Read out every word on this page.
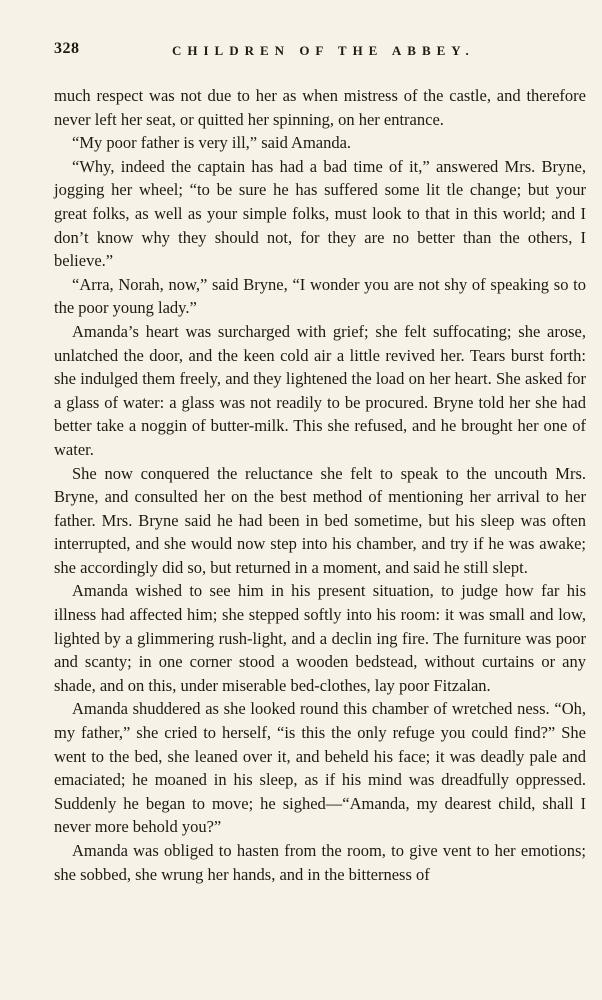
328	CHILDREN OF THE ABBEY.

much respect was not due to her as when mistress of the castle, and therefore never left her seat, or quitted her spinning, on her entrance.

“My poor father is very ill,” said Amanda.

“Why, indeed the captain has had a bad time of it,” answered Mrs. Bryne, jogging her wheel; “to be sure he has suffered some lit tle change; but your great folks, as well as your simple folks, must look to that in this world; and I don’t know why they should not, for they are no better than the others, I believe.”

“Arra, Norah, now,” said Bryne, “I wonder you are not shy of speaking so to the poor young lady.”

Amanda’s heart was surcharged with grief; she felt suffocating; she arose, unlatched the door, and the keen cold air a little revived her. Tears burst forth: she indulged them freely, and they lightened the load on her heart. She asked for a glass of water: a glass was not readily to be procured. Bryne told her she had better take a noggin of butter-milk. This she refused, and he brought her one of water.

She now conquered the reluctance she felt to speak to the uncouth Mrs. Bryne, and consulted her on the best method of mentioning her arrival to her father. Mrs. Bryne said he had been in bed sometime, but his sleep was often interrupted, and she would now step into his chamber, and try if he was awake; she accordingly did so, but returned in a moment, and said he still slept.

Amanda wished to see him in his present situation, to judge how far his illness had affected him; she stepped softly into his room: it was small and low, lighted by a glimmering rush-light, and a declin ing fire. The furniture was poor and scanty; in one corner stood a wooden bedstead, without curtains or any shade, and on this, under miserable bed-clothes, lay poor Fitzalan.

Amanda shuddered as she looked round this chamber of wretched ness. “Oh, my father,” she cried to herself, “is this the only refuge you could find?” She went to the bed, she leaned over it, and beheld his face; it was deadly pale and emaciated; he moaned in his sleep, as if his mind was dreadfully oppressed. Suddenly he began to move; he sighed—“Amanda, my dearest child, shall I never more behold you?”

Amanda was obliged to hasten from the room, to give vent to her emotions; she sobbed, she wrung her hands, and in the bitterness of
